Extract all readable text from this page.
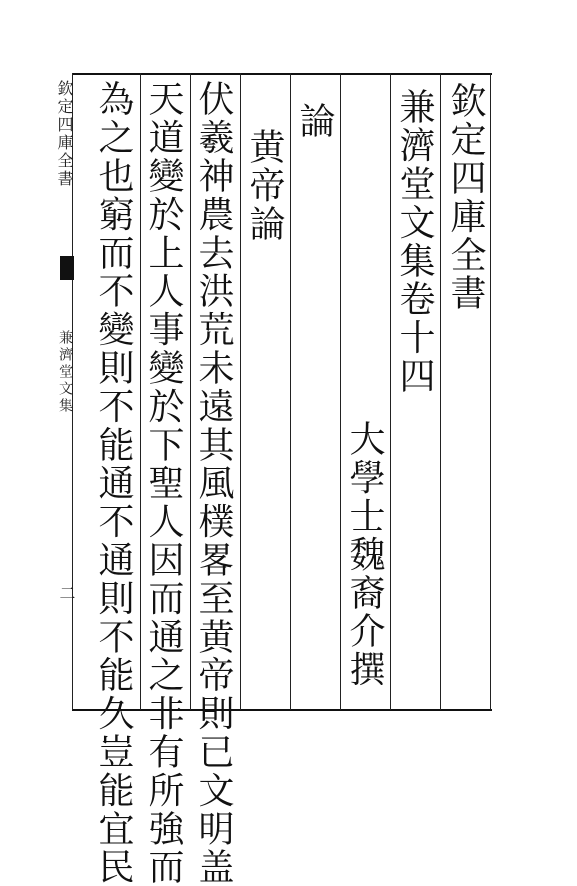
欽定四庫全書
兼濟堂文集
二
欽定四庫全書
兼濟堂文集卷十四
大學士魏裔介撰
論
黄帝論
伏羲神農去洪荒未遠其風樸畧至黄帝則已文明盖
天道變於上人事變於下聖人因而通之非有所強而
為之也窮而不變則不能通不通則不能久豈能宜民
